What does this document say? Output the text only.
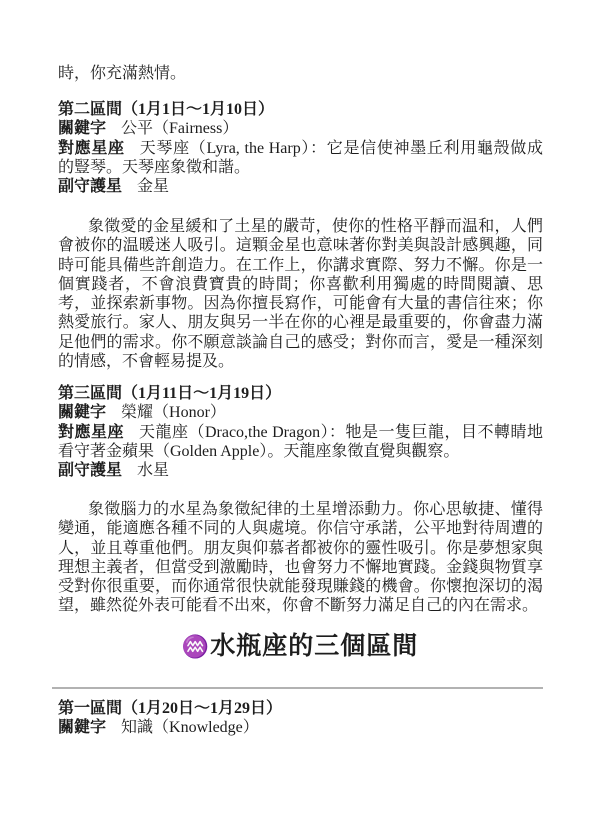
時，你充滿熱情。
第二區間（1月1日～1月10日）
關鍵字 公平（Fairness）
對應星座 天琴座（Lyra, the Harp）：它是信使神墨丘利用龜殼做成
的豎琴。天琴座象徵和諧。
副守護星 金星
象徵愛的金星緩和了土星的嚴苛，使你的性格平靜而温和，人們
會被你的温暖迷人吸引。這顆金星也意味著你對美與設計感興趣，同
時可能具備些許創造力。在工作上，你講求實際、努力不懈。你是一
個實踐者，不會浪費寶貴的時間；你喜歡利用獨處的時間閱讀、思
考，並探索新事物。因為你擅長寫作，可能會有大量的書信往來；你
熱愛旅行。家人、朋友與另一半在你的心裡是最重要的，你會盡力滿
足他們的需求。你不願意談論自己的感受；對你而言，愛是一種深刻
的情感，不會輕易提及。
第三區間（1月11日～1月19日）
關鍵字 榮耀（Honor）
對應星座 天龍座（Draco,the Dragon）：牠是一隻巨龍，目不轉睛地
看守著金蘋果（Golden Apple）。天龍座象徵直覺與觀察。
副守護星 水星
象徵腦力的水星為象徵紀律的土星增添動力。你心思敏捷、懂得
變通，能適應各種不同的人與處境。你信守承諾，公平地對待周遭的
人，並且尊重他們。朋友與仰慕者都被你的靈性吸引。你是夢想家與
理想主義者，但當受到激勵時，也會努力不懈地實踐。金錢與物質享
受對你很重要，而你通常很快就能發現賺錢的機會。你懷抱深切的渴
望，雖然從外表可能看不出來，你會不斷努力滿足自己的內在需求。
♒水瓶座的三個區間
第一區間（1月20日～1月29日）
關鍵字 知識（Knowledge）
